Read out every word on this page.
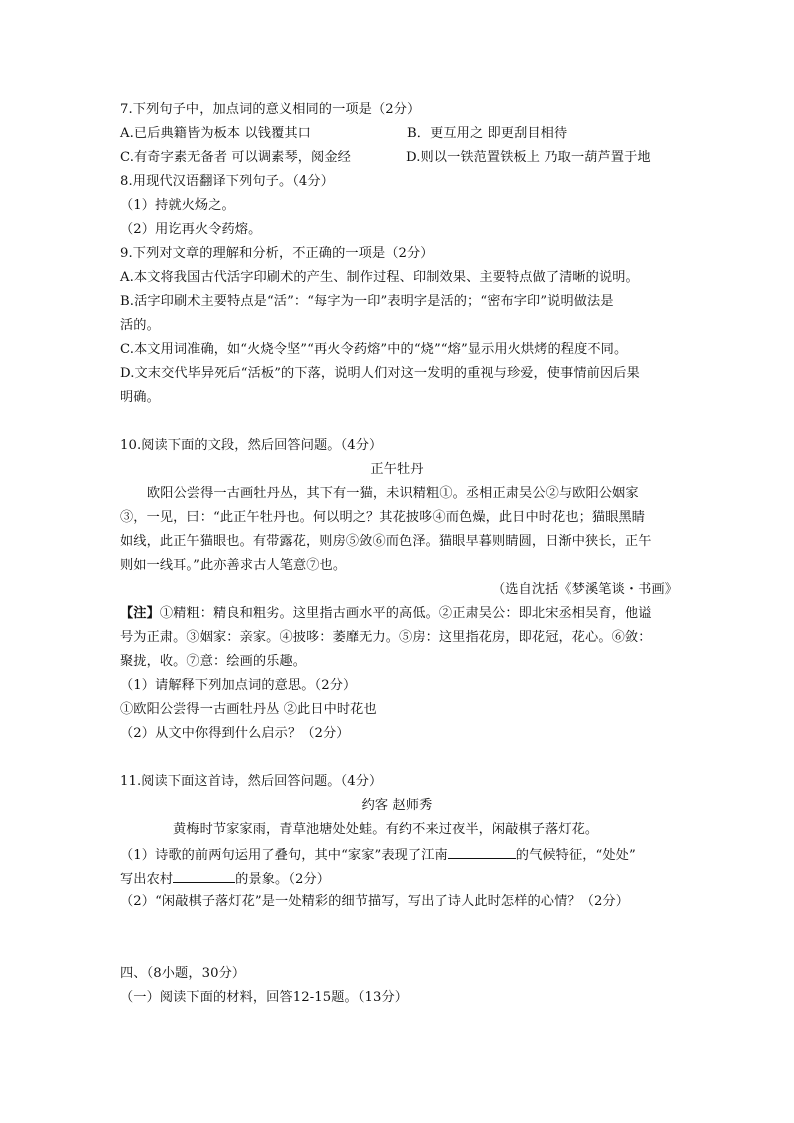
7.下列句子中，加点词的意义相同的一项是（2分）
A.已后典籍皆为板本 以钱覆其口	B．更互用之 即更刮目相待
C.有奇字素无备者 可以调素琴，阅金经	D.则以一铁范置铁板上 乃取一葫芦置于地
8.用现代汉语翻译下列句子。（4分）
（1）持就火炀之。
（2）用讫再火令药熔。
9.下列对文章的理解和分析，不正确的一项是（2分）
A.本文将我国古代活字印刷术的产生、制作过程、印制效果、主要特点做了清晰的说明。
B.活字印刷术主要特点是“活”：“每字为一印”表明字是活的；“密布字印”说明做法是
活的。
C.本文用词准确，如“火烧令坚”“再火令药熔”中的“烧”“熔”显示用火烘烤的程度不同。
D.文末交代毕异死后“活板”的下落，说明人们对这一发明的重视与珍爱，使事情前因后果
明确。
10.阅读下面的文段，然后回答问题。（4分）
正午牡丹
欧阳公尝得一古画牡丹丛，其下有一猫，未识精粗①。丞相正肃吴公②与欧阳公姻家
③，一见，曰：“此正午牡丹也。何以明之？其花披哆④而色燥，此日中时花也；猫眼黑睛
如线，此正午猫眼也。有带露花，则房⑤敛⑥而色泽。猫眼早暮则睛圆，日渐中狭长，正午
则如一线耳。”此亦善求古人笔意⑦也。
（选自沈括《梦溪笔谈・书画》
【注】①精粗：精良和粗劣。这里指古画水平的高低。②正肃吴公：即北宋丞相吴育，他谥
号为正肃。③姻家：亲家。④披哆：萎靡无力。⑤房：这里指花房，即花冠，花心。⑥敛：
聚拢，收。⑦意：绘画的乐趣。
（1）请解释下列加点词的意思。（2分）
①欧阳公尝得一古画牡丹丛 ②此日中时花也
（2）从文中你得到什么启示？（2分）
11.阅读下面这首诗，然后回答问题。（4分）
约客 赵师秀
黄梅时节家家雨，青草池塘处处蛙。有约不来过夜半，闲敲棋子落灯花。
（1）诗歌的前两句运用了叠句，其中“家家”表现了江南	的气候特征，“处处”
写出农村	的景象。（2分）
（2）“闲敲棋子落灯花”是一处精彩的细节描写，写出了诗人此时怎样的心情？（2分）
四、（8小题，30分）
（一）阅读下面的材料，回答12-15题。（13分）
